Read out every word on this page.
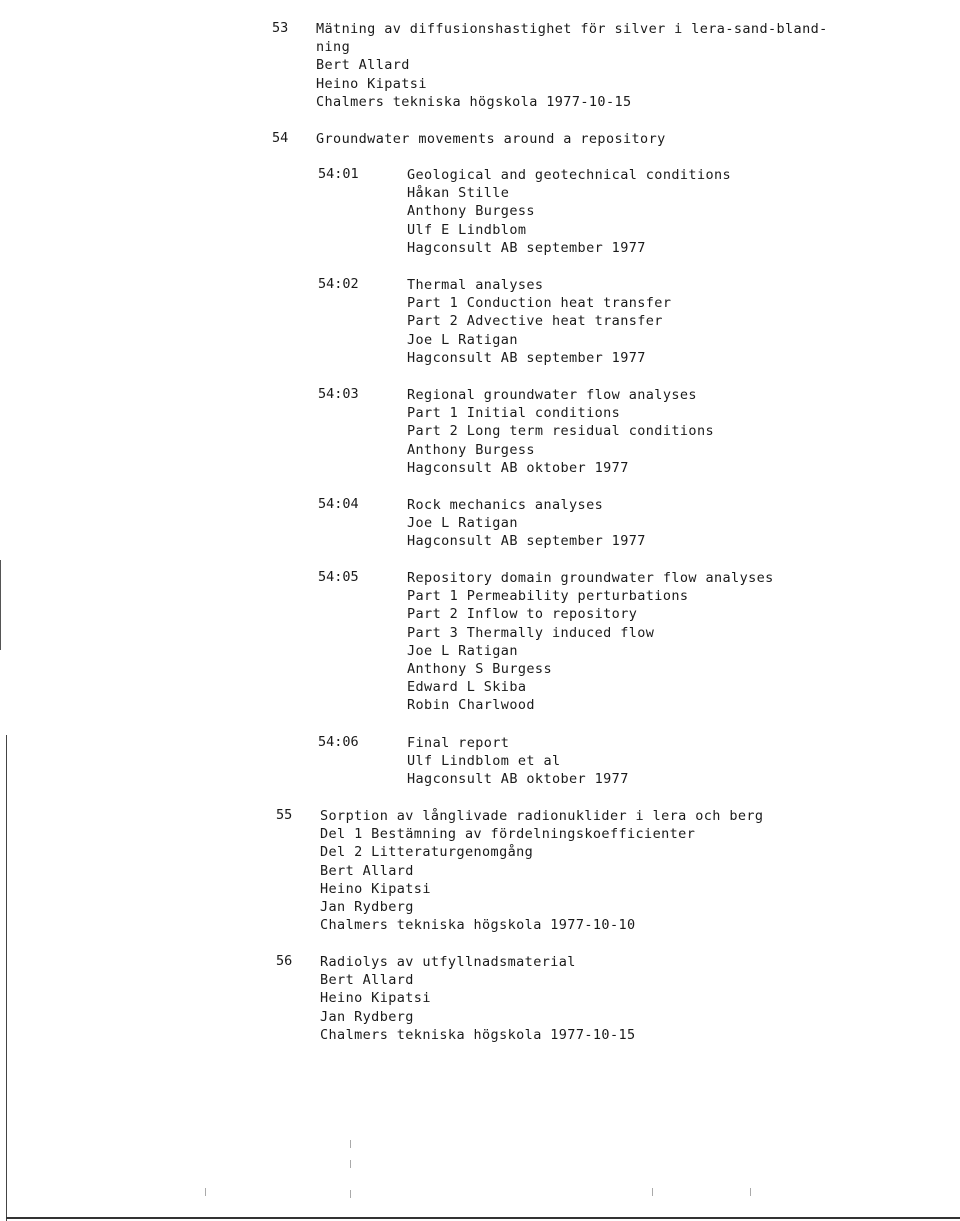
53 Mätning av diffusionshastighet för silver i lera-sand-bland-
ning
Bert Allard
Heino Kipatsi
Chalmers tekniska högskola 1977-10-15
54 Groundwater movements around a repository
54:01	Geological and geotechnical conditions
Håkan Stille
Anthony Burgess
Ulf E Lindblom
Hagconsult AB september 1977
54:02	Thermal analyses
Part 1 Conduction heat transfer
Part 2 Advective heat transfer
Joe L Ratigan
Hagconsult AB september 1977
54:03	Regional groundwater flow analyses
Part 1 Initial conditions
Part 2 Long term residual conditions
Anthony Burgess
Hagconsult AB oktober 1977
54:04	Rock mechanics analyses
Joe L Ratigan
Hagconsult AB september 1977
54:05	Repository domain groundwater flow analyses
Part 1 Permeability perturbations
Part 2 Inflow to repository
Part 3 Thermally induced flow
Joe L Ratigan
Anthony S Burgess
Edward L Skiba
Robin Charlwood
54:06	Final report
Ulf Lindblom et al
Hagconsult AB oktober 1977
55 Sorption av långlivade radionuklider i lera och berg
Del 1 Bestämning av fördelningskoefficienter
Del 2 Litteraturgenomgång
Bert Allard
Heino Kipatsi
Jan Rydberg
Chalmers tekniska högskola 1977-10-10
56 Radiolys av utfyllnadsmaterial
Bert Allard
Heino Kipatsi
Jan Rydberg
Chalmers tekniska högskola 1977-10-15
